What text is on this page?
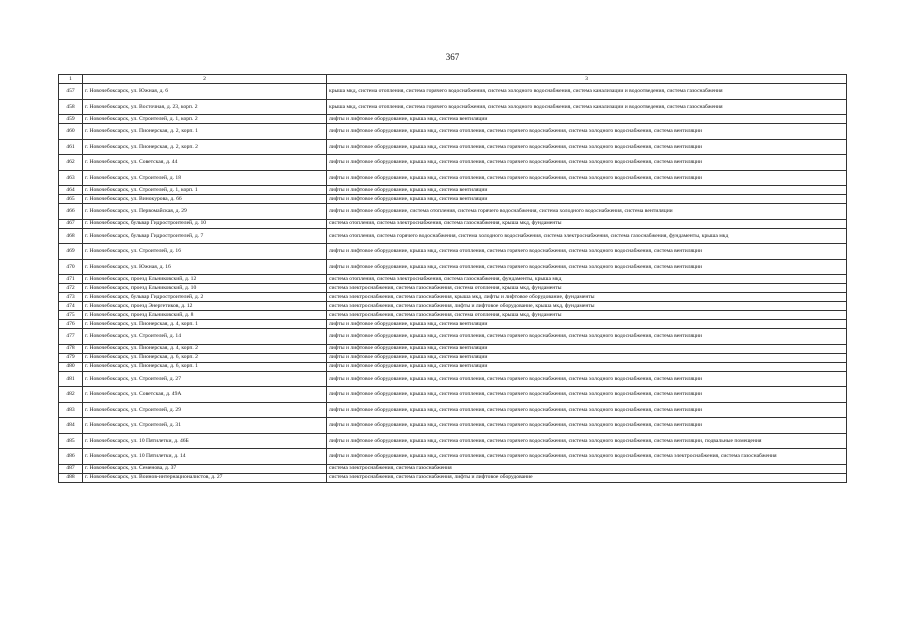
367
1	2	3
457	г. Новочебоксарск, ул. Южная, д. 6	крыша мкд, система отопления, система горячего водоснабжения, система холодного водоснабжения, система канализации и водоотведения, система газоснабжения
458	г. Новочебоксарск, ул. Восточная, д. 23, корп. 2	крыша мкд, система отопления, система горячего водоснабжения, система холодного водоснабжения, система канализации и водоотведения, система газоснабжения
459	г. Новочебоксарск, ул. Строителей, д. 1, корп. 2	лифты и лифтовое оборудование, крыша мкд, система вентиляции
460	г. Новочебоксарск, ул. Пионерская, д. 2, корп. 1	лифты и лифтовое оборудование, крыша мкд, система отопления, система горячего водоснабжения, система холодного водоснабжения, система вентиляции
461	г. Новочебоксарск, ул. Пионерская, д. 2, корп. 2	лифты и лифтовое оборудование, крыша мкд, система отопления, система горячего водоснабжения, система холодного водоснабжения, система вентиляции
462	г. Новочебоксарск, ул. Советская, д. 44	лифты и лифтовое оборудование, крыша мкд, система отопления, система горячего водоснабжения, система холодного водоснабжения, система вентиляции
463	г. Новочебоксарск, ул. Строителей, д. 18	лифты и лифтовое оборудование, крыша мкд, система отопления, система горячего водоснабжения, система холодного водоснабжения, система вентиляции
464	г. Новочебоксарск, ул. Строителей, д. 1, корп. 1	лифты и лифтовое оборудование, крыша мкд, система вентиляции
465	г. Новочебоксарск, ул. Винокурова, д. 66	лифты и лифтовое оборудование, крыша мкд, система вентиляции
466	г. Новочебоксарск, ул. Первомайская, д. 29	лифты и лифтовое оборудование, система отопления, система горячего водоснабжения, система холодного водоснабжения, система вентиляции
467	г. Новочебоксарск, бульвар Гидростроителей, д. 10	система отопления, система электроснабжения, система газоснабжения, крыша мкд, фундаменты
468	г. Новочебоксарск, бульвар Гидростроителей, д. 7	система отопления, система горячего водоснабжения, система холодного водоснабжения, система электроснабжения, система газоснабжения, фундаменты, крыша мкд
469	г. Новочебоксарск, ул. Строителей, д. 16	лифты и лифтовое оборудование, крыша мкд, система отопления, система горячего водоснабжения, система холодного водоснабжения, система вентиляции
470	г. Новочебоксарск, ул. Южная, д. 16	лифты и лифтовое оборудование, крыша мкд, система отопления, система горячего водоснабжения, система холодного водоснабжения, система вентиляции
471	г. Новочебоксарск, проезд Ельниковский, д. 12	система отопления, система электроснабжения, система газоснабжения, фундаменты, крыша мкд
472	г. Новочебоксарск, проезд Ельниковский, д. 10	система электроснабжения, система газоснабжения, система отопления, крыша мкд, фундаменты
473	г. Новочебоксарск, бульвар Гидростроителей, д. 2	система электроснабжения, система газоснабжения, крыша мкд, лифты и лифтовое оборудование, фундаменты
474	г. Новочебоксарск, проезд Энергетиков, д. 12	система электроснабжения, система газоснабжения, лифты и лифтовое оборудование, крыша мкд, фундаменты
475	г. Новочебоксарск, проезд Ельниковский, д. 8	система электроснабжения, система газоснабжения, система отопления, крыша мкд, фундаменты
476	г. Новочебоксарск, ул. Пионерская, д. 4, корп. 1	лифты и лифтовое оборудование, крыша мкд, система вентиляции
477	г. Новочебоксарск, ул. Строителей, д. 14	лифты и лифтовое оборудование, крыша мкд, система отопления, система горячего водоснабжения, система холодного водоснабжения, система вентиляции
478	г. Новочебоксарск, ул. Пионерская, д. 4, корп. 2	лифты и лифтовое оборудование, крыша мкд, система вентиляции
479	г. Новочебоксарск, ул. Пионерская, д. 6, корп. 2	лифты и лифтовое оборудование, крыша мкд, система вентиляции
480	г. Новочебоксарск, ул. Пионерская, д. 6, корп. 1	лифты и лифтовое оборудование, крыша мкд, система вентиляции
481	г. Новочебоксарск, ул. Строителей, д. 27	лифты и лифтовое оборудование, крыша мкд, система отопления, система горячего водоснабжения, система холодного водоснабжения, система вентиляции
482	г. Новочебоксарск, ул. Советская, д. 49А	лифты и лифтовое оборудование, крыша мкд, система отопления, система горячего водоснабжения, система холодного водоснабжения, система вентиляции
483	г. Новочебоксарск, ул. Строителей, д. 29	лифты и лифтовое оборудование, крыша мкд, система отопления, система горячего водоснабжения, система холодного водоснабжения, система вентиляции
484	г. Новочебоксарск, ул. Строителей, д. 31	лифты и лифтовое оборудование, крыша мкд, система отопления, система горячего водоснабжения, система холодного водоснабжения, система вентиляции
485	г. Новочебоксарск, ул. 10 Пятилетки, д. 46Б	лифты и лифтовое оборудование, крыша мкд, система отопления, система горячего водоснабжения, система холодного водоснабжения, система вентиляции, подвальные помещения
486	г. Новочебоксарск, ул. 10 Пятилетки, д. 14	лифты и лифтовое оборудование, крыша мкд, система отопления, система горячего водоснабжения, система холодного водоснабжения, система электроснабжения, система газоснабжения
487	г. Новочебоксарск, ул. Семенова, д. 37	система электроснабжения, система газоснабжения
488	г. Новочебоксарск, ул. Воинов-интернационалистов, д. 27	система электроснабжения, система газоснабжения, лифты и лифтовое оборудование
